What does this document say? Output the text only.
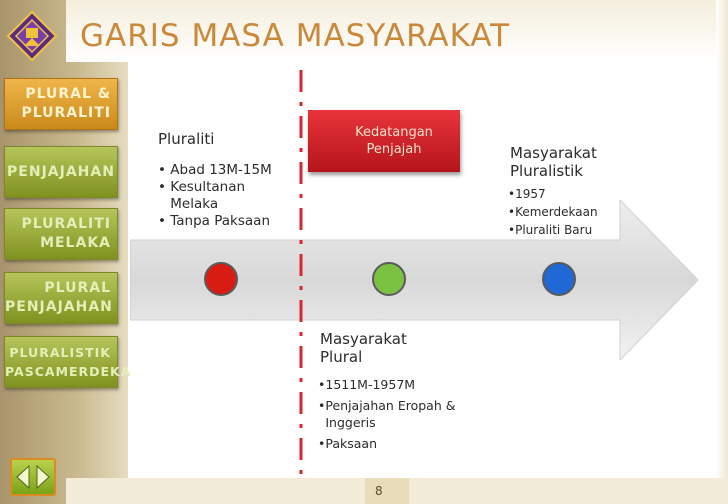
GARIS MASA MASYARAKAT
PLURAL &
PLURALITI
PENJAJAHAN
PLURALITI
MELAKA
PLURAL
PENJAJAHAN
PLURALISTIK
PASCAMERDEKA
Pluraliti
• Abad 13M-15M
• Kesultanan Melaka
• Tanpa Paksaan
Kedatangan Penjajah
Masyarakat
Plural
• 1511M-1957M
• Penjajahan Eropah & Inggeris
• Paksaan
Masyarakat
Pluralistik
• 1957
• Kemerdekaan
• Pluraliti Baru
8
